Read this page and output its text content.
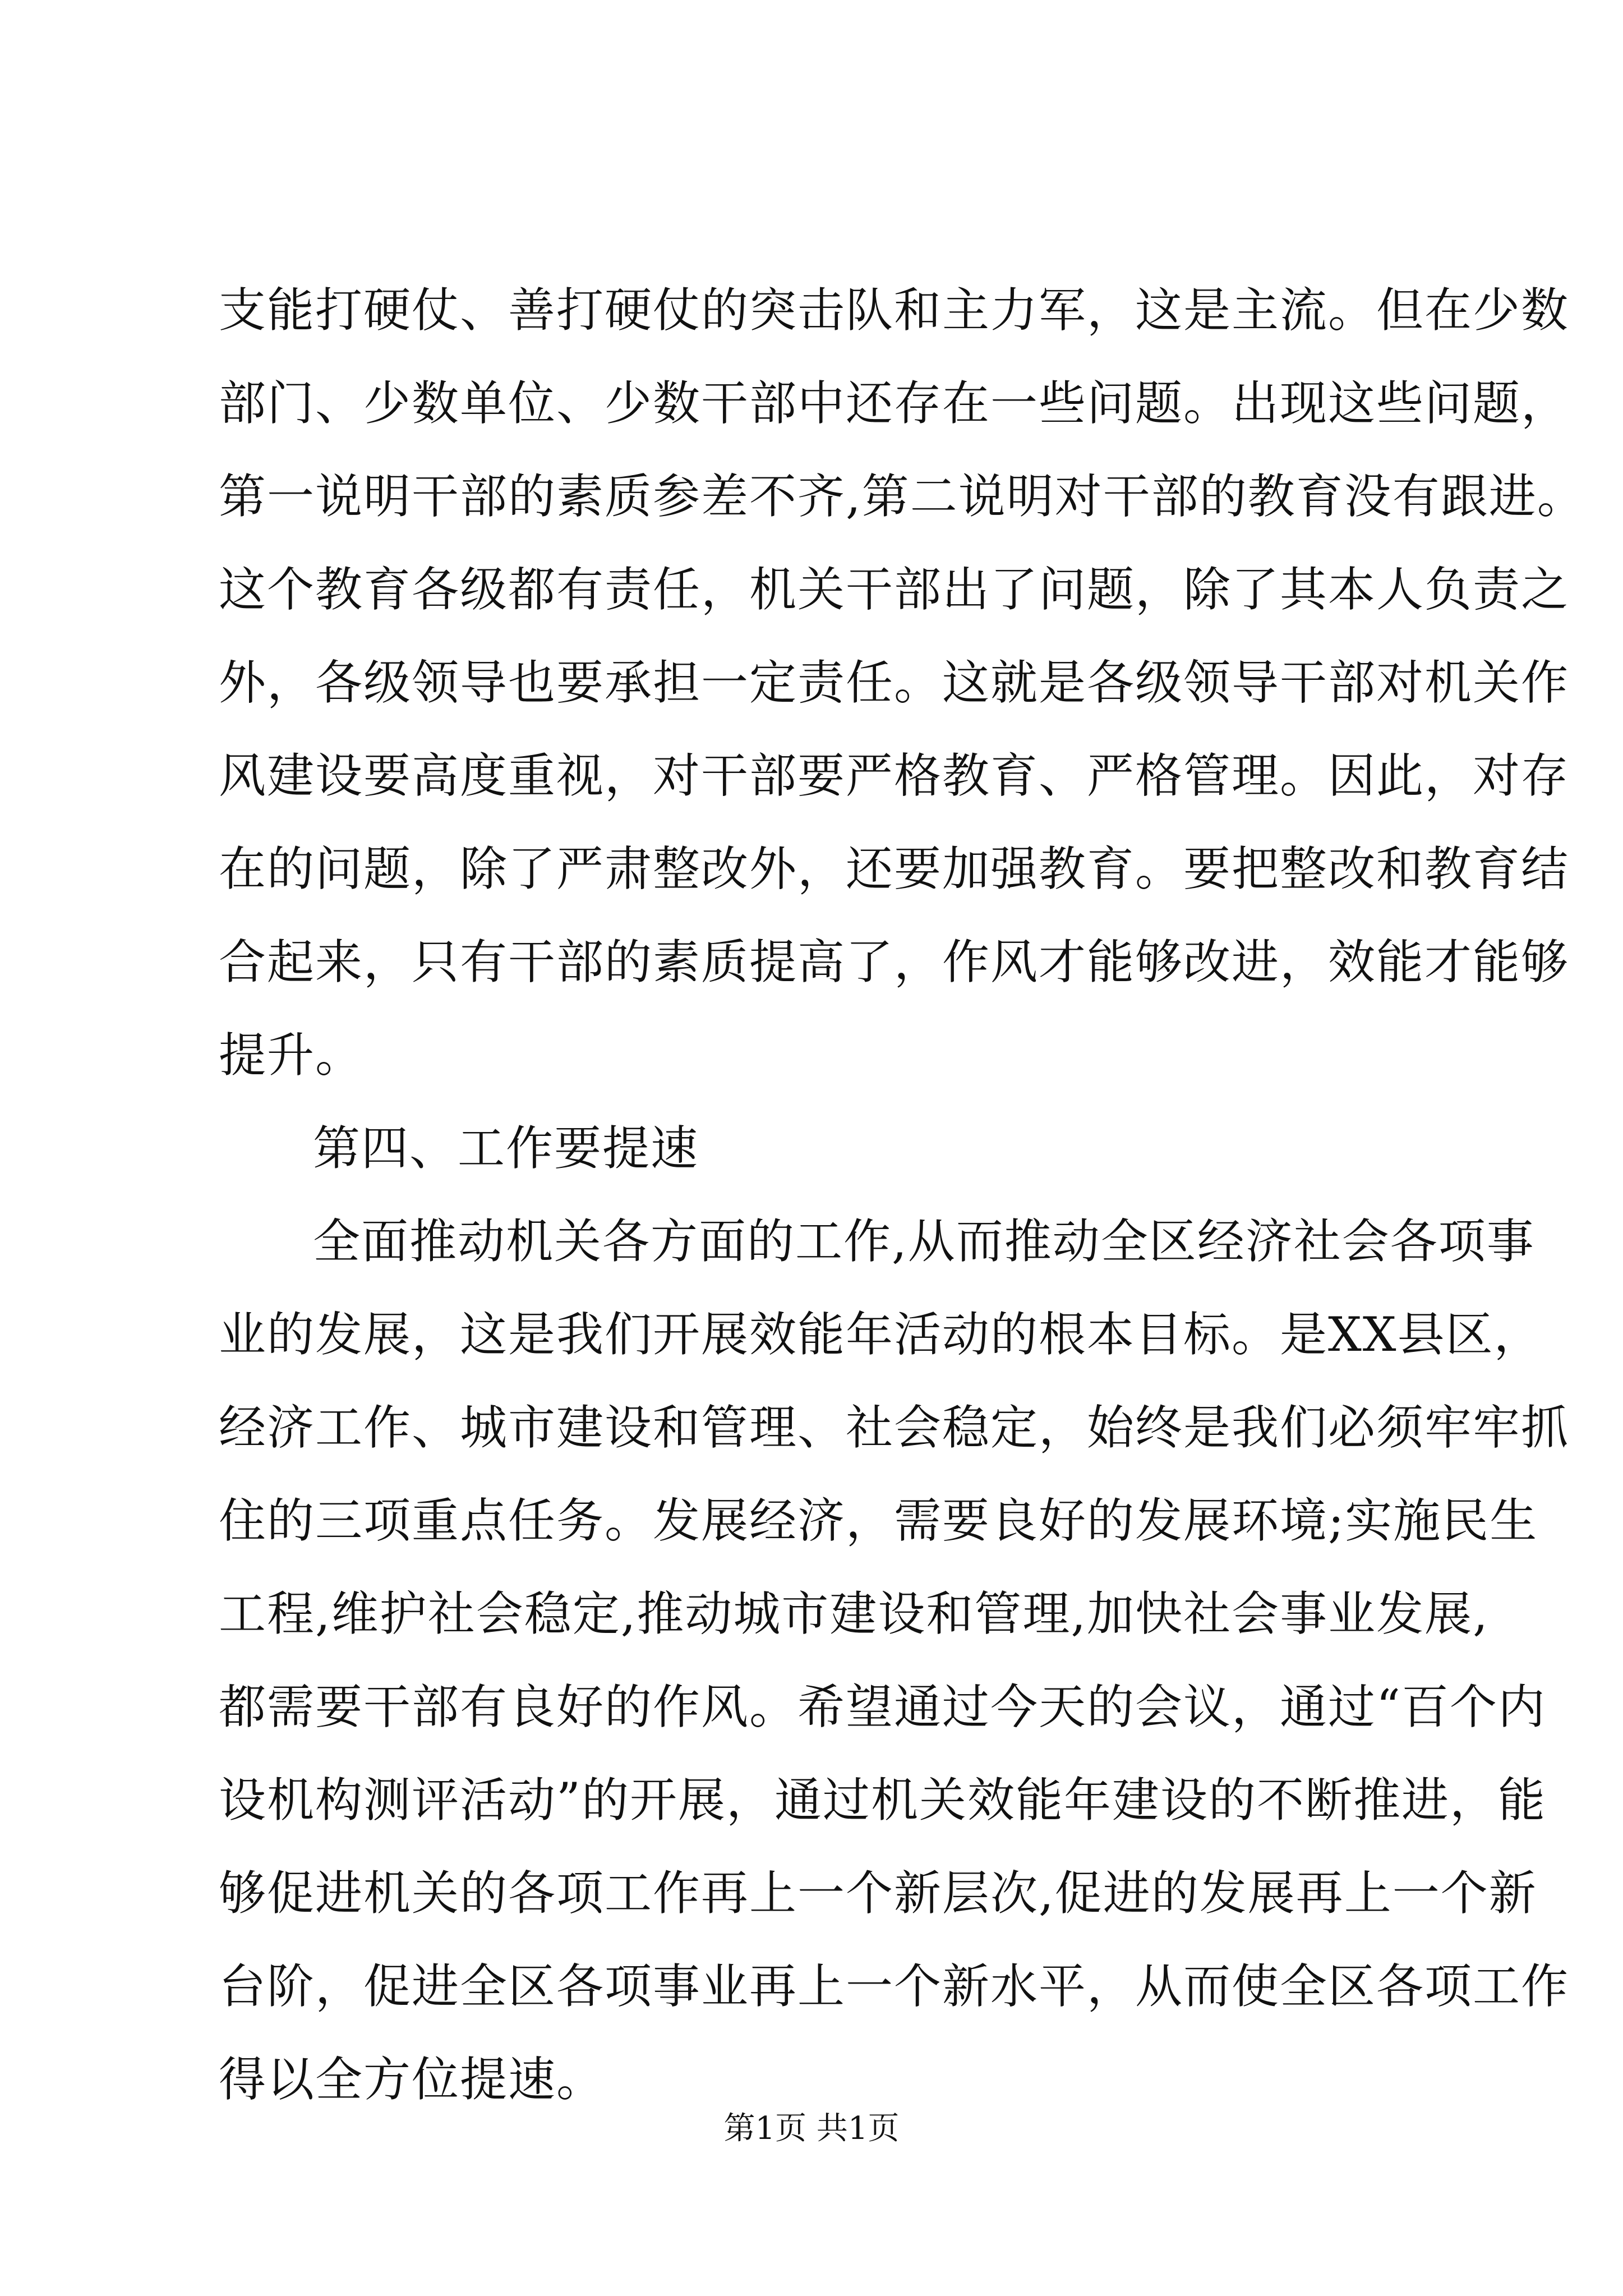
支能打硬仗、善打硬仗的突击队和主力军，这是主流。但在少数
部门、少数单位、少数干部中还存在一些问题。出现这些问题，
第一说明干部的素质参差不齐,第二说明对干部的教育没有跟进。
这个教育各级都有责任，机关干部出了问题，除了其本人负责之
外，各级领导也要承担一定责任。这就是各级领导干部对机关作
风建设要高度重视，对干部要严格教育、严格管理。因此，对存
在的问题，除了严肃整改外，还要加强教育。要把整改和教育结
合起来，只有干部的素质提高了，作风才能够改进，效能才能够
提升。
第四、工作要提速
全面推动机关各方面的工作,从而推动全区经济社会各项事
业的发展，这是我们开展效能年活动的根本目标。是XX县区，
经济工作、城市建设和管理、社会稳定，始终是我们必须牢牢抓
住的三项重点任务。发展经济，需要良好的发展环境;实施民生
工程,维护社会稳定,推动城市建设和管理,加快社会事业发展,
都需要干部有良好的作风。希望通过今天的会议，通过“百个内
设机构测评活动”的开展，通过机关效能年建设的不断推进，能
够促进机关的各项工作再上一个新层次,促进的发展再上一个新
台阶，促进全区各项事业再上一个新水平，从而使全区各项工作
得以全方位提速。
第1页 共1页
